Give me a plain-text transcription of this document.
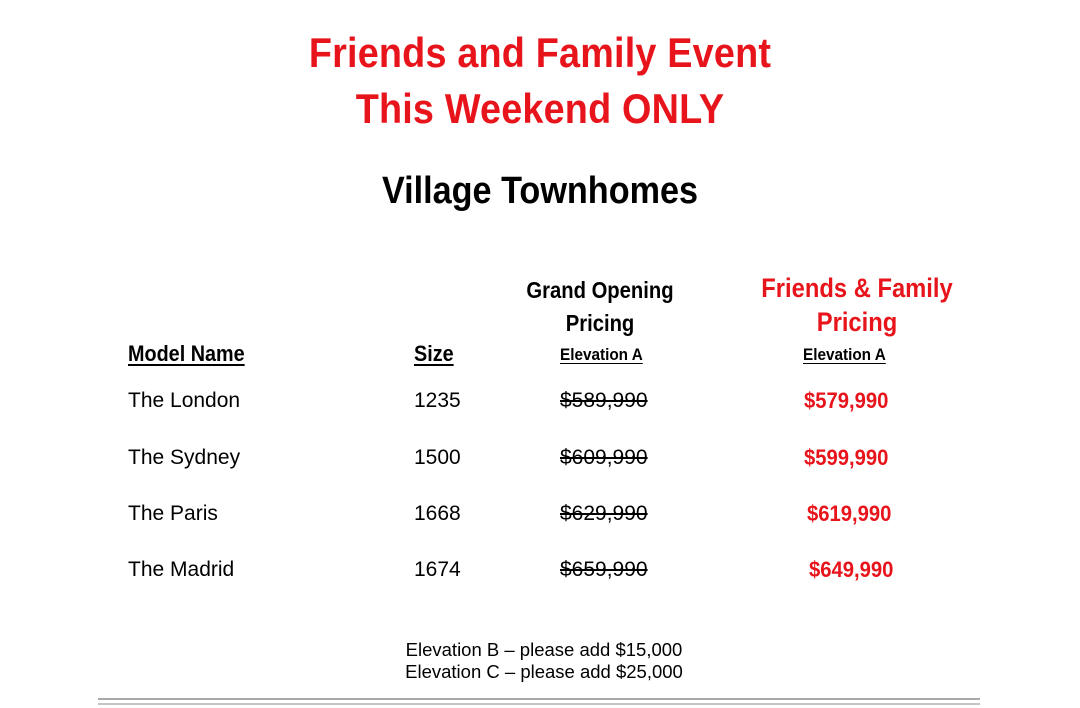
Friends and Family Event
This Weekend ONLY
Village Townhomes
Grand Opening
Pricing
Friends & Family
Pricing
Model Name	Size	Elevation A	Elevation A
The London	1235	$589,990	$579,990
The Sydney	1500	$609,990	$599,990
The Paris	1668	$629,990	$619,990
The Madrid	1674	$659,990	$649,990
Elevation B – please add $15,000
Elevation C – please add $25,000
